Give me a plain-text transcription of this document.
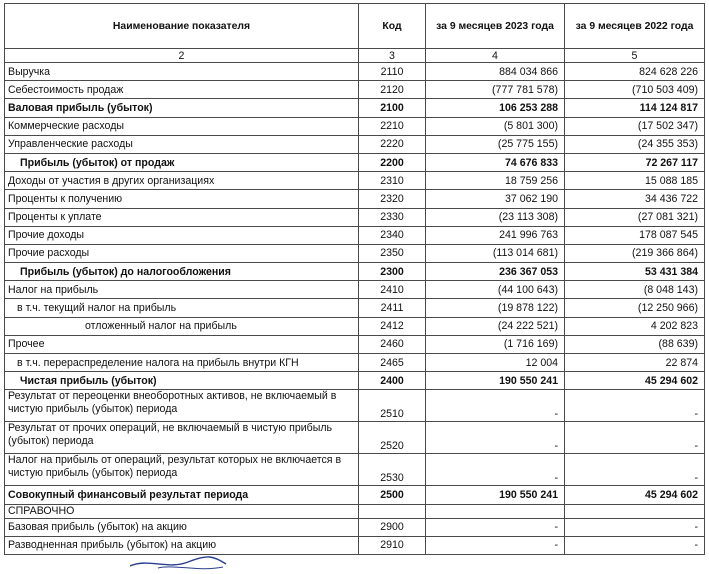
Наименование показателя	Код	за 9 месяцев 2023 года	за 9 месяцев 2022 года
2	3	4	5
Выручка	2110	884 034 866	824 628 226
Себестоимость продаж	2120	(777 781 578)	(710 503 409)
Валовая прибыль (убыток)	2100	106 253 288	114 124 817
Коммерческие расходы	2210	(5 801 300)	(17 502 347)
Управленческие расходы	2220	(25 775 155)	(24 355 353)
Прибыль (убыток) от продаж	2200	74 676 833	72 267 117
Доходы от участия в других организациях	2310	18 759 256	15 088 185
Проценты к получению	2320	37 062 190	34 436 722
Проценты к уплате	2330	(23 113 308)	(27 081 321)
Прочие доходы	2340	241 996 763	178 087 545
Прочие расходы	2350	(113 014 681)	(219 366 864)
Прибыль (убыток) до налогообложения	2300	236 367 053	53 431 384
Налог на прибыль	2410	(44 100 643)	(8 048 143)
в т.ч. текущий налог на прибыль	2411	(19 878 122)	(12 250 966)
отложенный налог на прибыль	2412	(24 222 521)	4 202 823
Прочее	2460	(1 716 169)	(88 639)
в т.ч. перераспределение налога на прибыль внутри КГН	2465	12 004	22 874
Чистая прибыль (убыток)	2400	190 550 241	45 294 602
Результат от переоценки внеоборотных активов, не включаемый в чистую прибыль (убыток) периода	2510	-	-
Результат от прочих операций, не включаемый в чистую прибыль (убыток) периода	2520	-	-
Налог на прибыль от операций, результат которых не включается в чистую прибыль (убыток) периода	2530	-	-
Совокупный финансовый результат периода	2500	190 550 241	45 294 602
СПРАВОЧНО			
Базовая прибыль (убыток) на акцию	2900	-	-
Разводненная прибыль (убыток) на акцию	2910	-	-
